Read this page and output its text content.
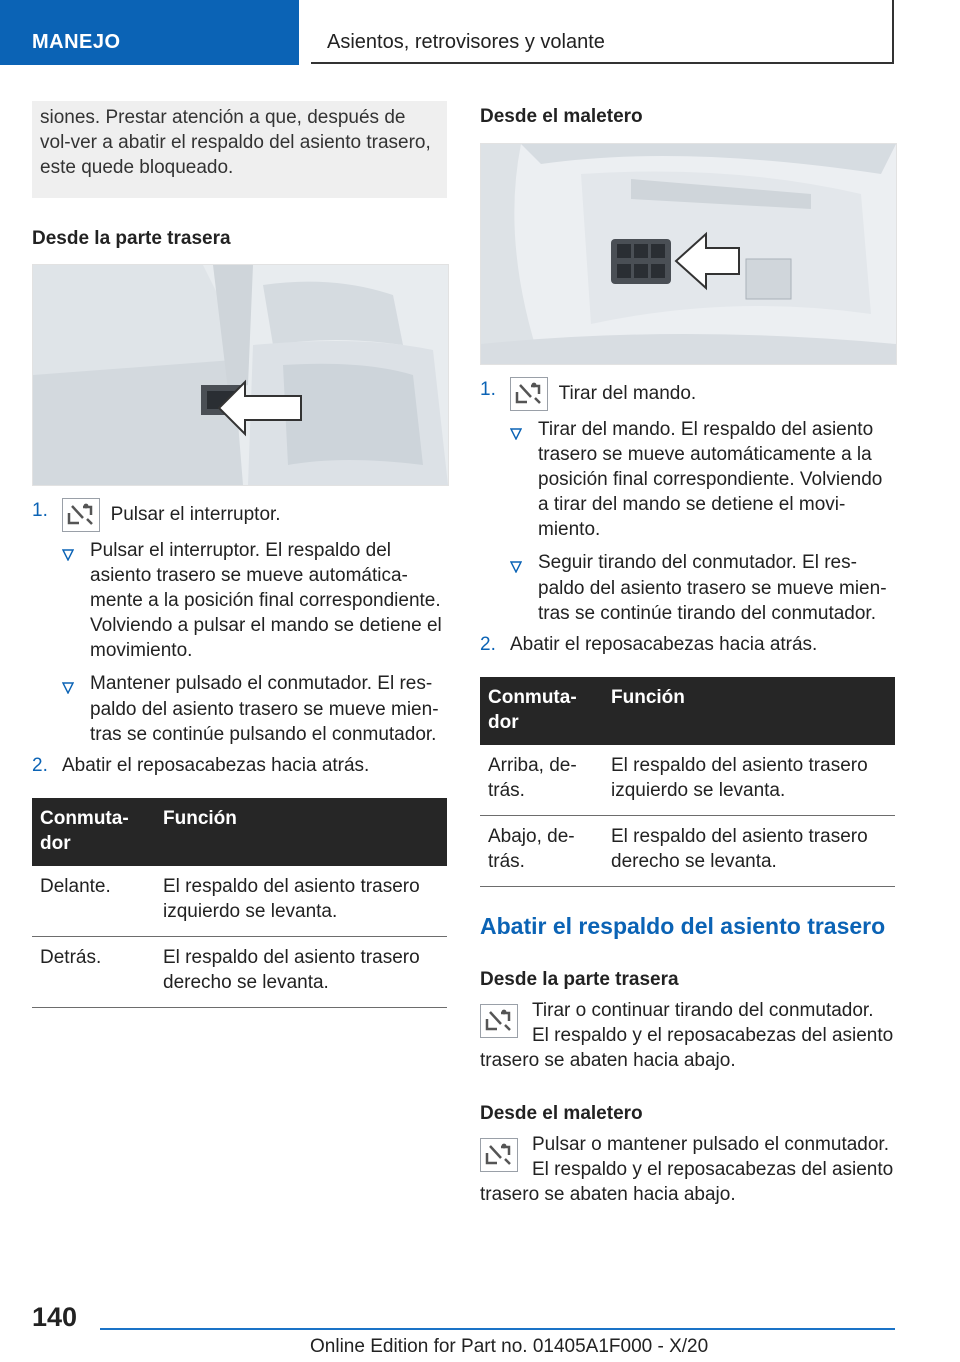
MANEJO	Asientos, retrovisores y volante

siones. Prestar atención a que, después de vol-ver a abatir el respaldo del asiento trasero, este quede bloqueado.

Desde la parte trasera

1.	Pulsar el interruptor.

Pulsar el interruptor. El respaldo del asiento trasero se mueve automática-mente a la posición final correspondiente. Volviendo a pulsar el mando se detiene el movimiento.

Mantener pulsado el conmutador. El res-paldo del asiento trasero se mueve mien-tras se continúe pulsando el conmutador.

2. Abatir el reposacabezas hacia atrás.

Conmuta-dor	Función
Delante.	El respaldo del asiento trasero izquierdo se levanta.
Detrás.	El respaldo del asiento trasero derecho se levanta.

Desde el maletero

1.	Tirar del mando.

Tirar del mando. El respaldo del asiento trasero se mueve automáticamente a la posición final correspondiente. Volviendo a tirar del mando se detiene el movi-miento.

Seguir tirando del conmutador. El res-paldo del asiento trasero se mueve mien-tras se continúe tirando del conmutador.

2. Abatir el reposacabezas hacia atrás.

Conmuta-dor	Función
Arriba, de-trás.	El respaldo del asiento trasero izquierdo se levanta.
Abajo, de-trás.	El respaldo del asiento trasero derecho se levanta.

Abatir el respaldo del asiento trasero

Desde la parte trasera

Tirar o continuar tirando del conmutador. El respaldo y el reposacabezas del asiento trasero se abaten hacia abajo.

Desde el maletero

Pulsar o mantener pulsado el conmutador. El respaldo y el reposacabezas del asiento trasero se abaten hacia abajo.

140
Online Edition for Part no. 01405A1F000 - X/20
